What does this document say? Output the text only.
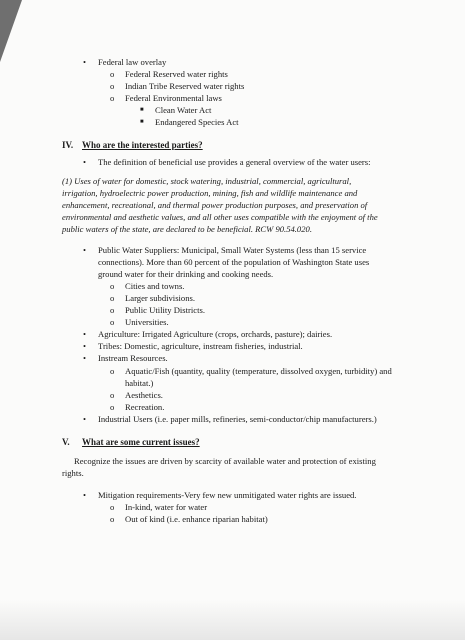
• Federal law overlay
o Federal Reserved water rights
o Indian Tribe Reserved water rights
o Federal Environmental laws
■ Clean Water Act
■ Endangered Species Act
IV. Who are the interested parties?
• The definition of beneficial use provides a general overview of the water users:
(1) Uses of water for domestic, stock watering, industrial, commercial, agricultural,
irrigation, hydroelectric power production, mining, fish and wildlife maintenance and
enhancement, recreational, and thermal power production purposes, and preservation of
environmental and aesthetic values, and all other uses compatible with the enjoyment of the
public waters of the state, are declared to be beneficial. RCW 90.54.020.
• Public Water Suppliers: Municipal, Small Water Systems (less than 15 service
connections). More than 60 percent of the population of Washington State uses
ground water for their drinking and cooking needs.
o Cities and towns.
o Larger subdivisions.
o Public Utility Districts.
o Universities.
• Agriculture: Irrigated Agriculture (crops, orchards, pasture); dairies.
• Tribes: Domestic, agriculture, instream fisheries, industrial.
• Instream Resources.
o Aquatic/Fish (quantity, quality (temperature, dissolved oxygen, turbidity) and
habitat.)
o Aesthetics.
o Recreation.
• Industrial Users (i.e. paper mills, refineries, semi-conductor/chip manufacturers.)
V. What are some current issues?
Recognize the issues are driven by scarcity of available water and protection of existing
rights.
• Mitigation requirements-Very few new unmitigated water rights are issued.
o In-kind, water for water
o Out of kind (i.e. enhance riparian habitat)
